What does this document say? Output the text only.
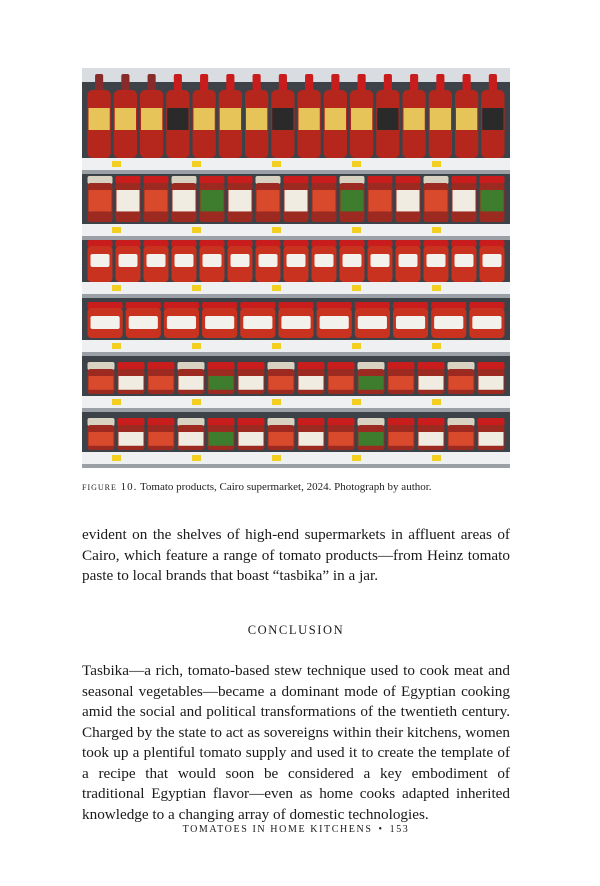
figure 10. Tomato products, Cairo supermarket, 2024. Photograph by author.
evident on the shelves of high-end supermarkets in affluent areas of Cairo, which feature a range of tomato products—from Heinz tomato paste to local brands that boast “tasbika” in a jar.
CONCLUSION
Tasbika—a rich, tomato-based stew technique used to cook meat and seasonal vegetables—became a dominant mode of Egyptian cooking amid the social and political transformations of the twentieth century. Charged by the state to act as sovereigns within their kitchens, women took up a plentiful tomato supply and used it to create the template of a recipe that would soon be considered a key embodiment of traditional Egyptian flavor—even as home cooks adapted inherited knowledge to a changing array of domestic technologies.
TOMATOES IN HOME KITCHENS • 153
